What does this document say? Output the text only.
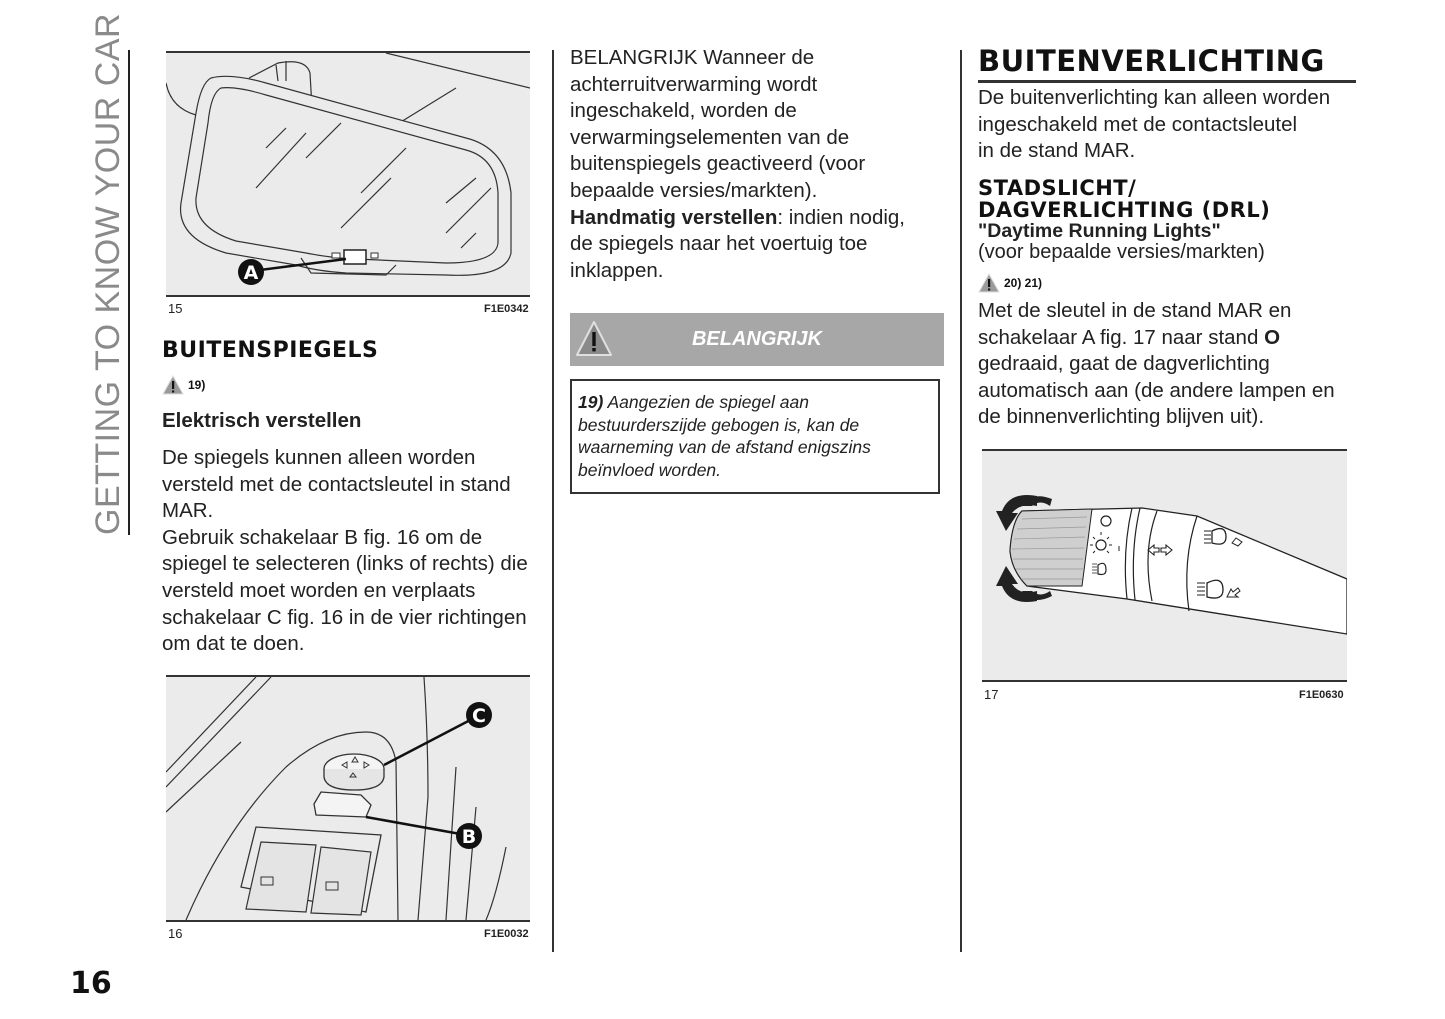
GETTING TO KNOW YOUR CAR	A
15	F1E0342
BUITENSPIEGELS
19)
Elektrisch verstellen
De spiegels kunnen alleen worden
versteld met de contactsleutel in stand
MAR.
Gebruik schakelaar B fig. 16 om de
spiegel te selecteren (links of rechts) die
versteld moet worden en verplaats
schakelaar C fig. 16 in de vier richtingen
om dat te doen.
C
B
16	F1E0032
16
BELANGRIJK Wanneer de
achterruitverwarming wordt
ingeschakeld, worden de
verwarmingselementen van de
buitenspiegels geactiveerd (voor
bepaalde versies/markten).
Handmatig verstellen: indien nodig,
de spiegels naar het voertuig toe
inklappen.
BELANGRIJK
19) Aangezien de spiegel aan
bestuurderszijde gebogen is, kan de
waarneming van de afstand enigszins
beïnvloed worden.
BUITENVERLICHTING
De buitenverlichting kan alleen worden
ingeschakeld met de contactsleutel
in de stand MAR.
STADSLICHT/
DAGVERLICHTING (DRL)
"Daytime Running Lights"
(voor bepaalde versies/markten)
20) 21)
Met de sleutel in de stand MAR en
schakelaar A fig. 17 naar stand O
gedraaid, gaat de dagverlichting
automatisch aan (de andere lampen en
de binnenverlichting blijven uit).
17	F1E0630
